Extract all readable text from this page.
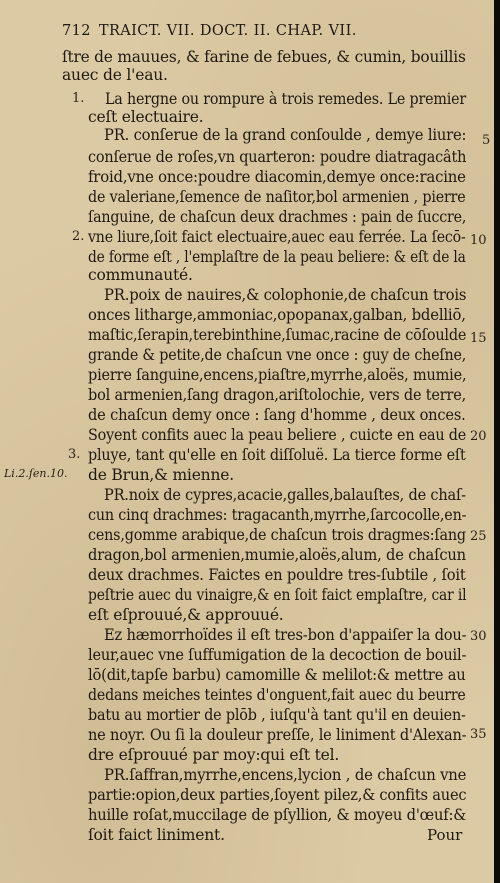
712 TRAICT. VII. DOCT. II. CHAP. VII.
ſtre de mauues, & farine de febues, & cumin, bouillis
auec de l'eau.
1. La hergne ou rompure à trois remedes. Le premier
ceſt electuaire.
PR. conſerue de la grand conſoulde , demye liure: 5
conſerue de roſes,vn quarteron: poudre diatragacâth
froid,vne once:poudre diacomin,demye once:racine
de valeriane,ſemence de naſitor,bol armenien , pierre
ſanguine, de chaſcun deux drachmes : pain de ſuccre,
2. vne liure,ſoit faict electuaire,auec eau ferrée. La ſecō- 10
de forme eſt , l'emplaſtre de la peau beliere: & eſt de la
communauté.
PR.poix de nauires,& colophonie,de chaſcun trois
onces litharge,ammoniac,opopanax,galban, bdelliō,
maſtic,ſerapin,terebinthine,ſumac,racine de cōſoulde 15
grande & petite,de chaſcun vne once : guy de cheſne,
pierre ſanguine,encens,piaſtre,myrrhe,aloës, mumie,
bol armenien,ſang dragon,ariſtolochie, vers de terre,
de chaſcun demy once : ſang d'homme , deux onces.
Soyent confits auec la peau beliere , cuicte en eau de 20
3. pluye, tant qu'elle en ſoit diſſoluë. La tierce forme eſt
Li.2.ſen.10. de Brun,& mienne.
PR.noix de cypres,acacie,galles,balauſtes, de chaſ-
cun cinq drachmes: tragacanth,myrrhe,ſarcocolle,en-
cens,gomme arabique,de chaſcun trois dragmes:ſang 25
dragon,bol armenien,mumie,aloës,alum, de chaſcun
deux drachmes. Faictes en pouldre tres-ſubtile , ſoit
peſtrie auec du vinaigre,& en ſoit faict emplaſtre, car il
eſt eſprouué,& approuué.
Ez hæmorrhoïdes il eſt tres-bon d'appaiſer la dou- 30
leur,auec vne ſuffumigation de la decoction de bouil-
lō(dit,tapſe barbu) camomille & melilot:& mettre au
dedans meiches teintes d'onguent,fait auec du beurre
batu au mortier de plōb , iuſqu'à tant qu'il en deuien-
ne noyr. Ou ſi la douleur preſſe, le liniment d'Alexan- 35
dre eſprouué par moy:qui eſt tel.
PR.ſaffran,myrrhe,encens,lycion , de chaſcun vne
partie:opion,deux parties,ſoyent pilez,& confits auec
huille roſat,muccilage de pſyllion, & moyeu d'œuf:&
ſoit faict liniment.	Pour
